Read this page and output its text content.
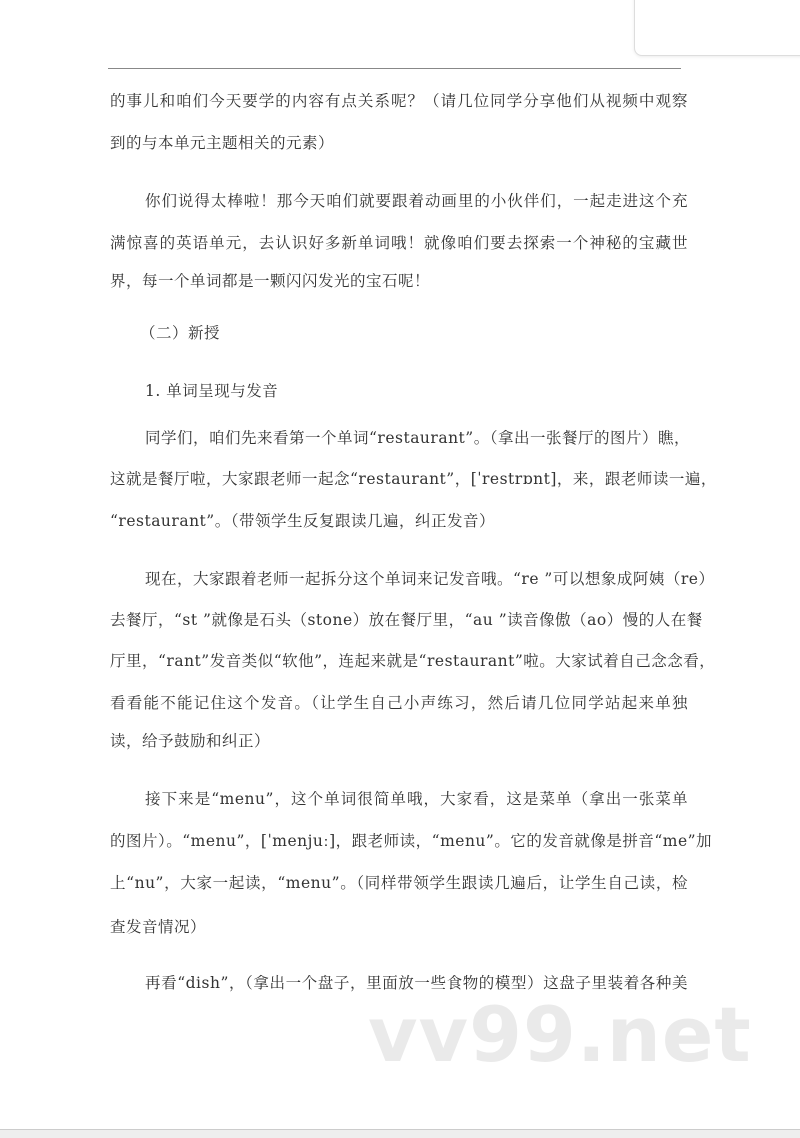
的事儿和咱们今天要学的内容有点关系呢？（请几位同学分享他们从视频中观察
到的与本单元主题相关的元素）
你们说得太棒啦！那今天咱们就要跟着动画里的小伙伴们，一起走进这个充
满惊喜的英语单元，去认识好多新单词哦！就像咱们要去探索一个神秘的宝藏世
界，每一个单词都是一颗闪闪发光的宝石呢！
（二）新授
1. 单词呈现与发音
同学们，咱们先来看第一个单词“restaurant”。（拿出一张餐厅的图片）瞧，
这就是餐厅啦，大家跟老师一起念“restaurant”，[ˈrestrɒnt]，来，跟老师读一遍，
“restaurant”。（带领学生反复跟读几遍，纠正发音）
现在，大家跟着老师一起拆分这个单词来记发音哦。“re ”可以想象成阿姨（re）
去餐厅，“st ”就像是石头（stone）放在餐厅里，“au ”读音像傲（ao）慢的人在餐
厅里，“rant”发音类似“软他”，连起来就是“restaurant”啦。大家试着自己念念看，
看看能不能记住这个发音。（让学生自己小声练习，然后请几位同学站起来单独
读，给予鼓励和纠正）
接下来是“menu”，这个单词很简单哦，大家看，这是菜单（拿出一张菜单
的图片）。“menu”，[ˈmenjuː]，跟老师读，“menu”。它的发音就像是拼音“me”加
上“nu”，大家一起读，“menu”。（同样带领学生跟读几遍后，让学生自己读，检
查发音情况）
再看“dish”，（拿出一个盘子，里面放一些食物的模型）这盘子里装着各种美
vv99.net
